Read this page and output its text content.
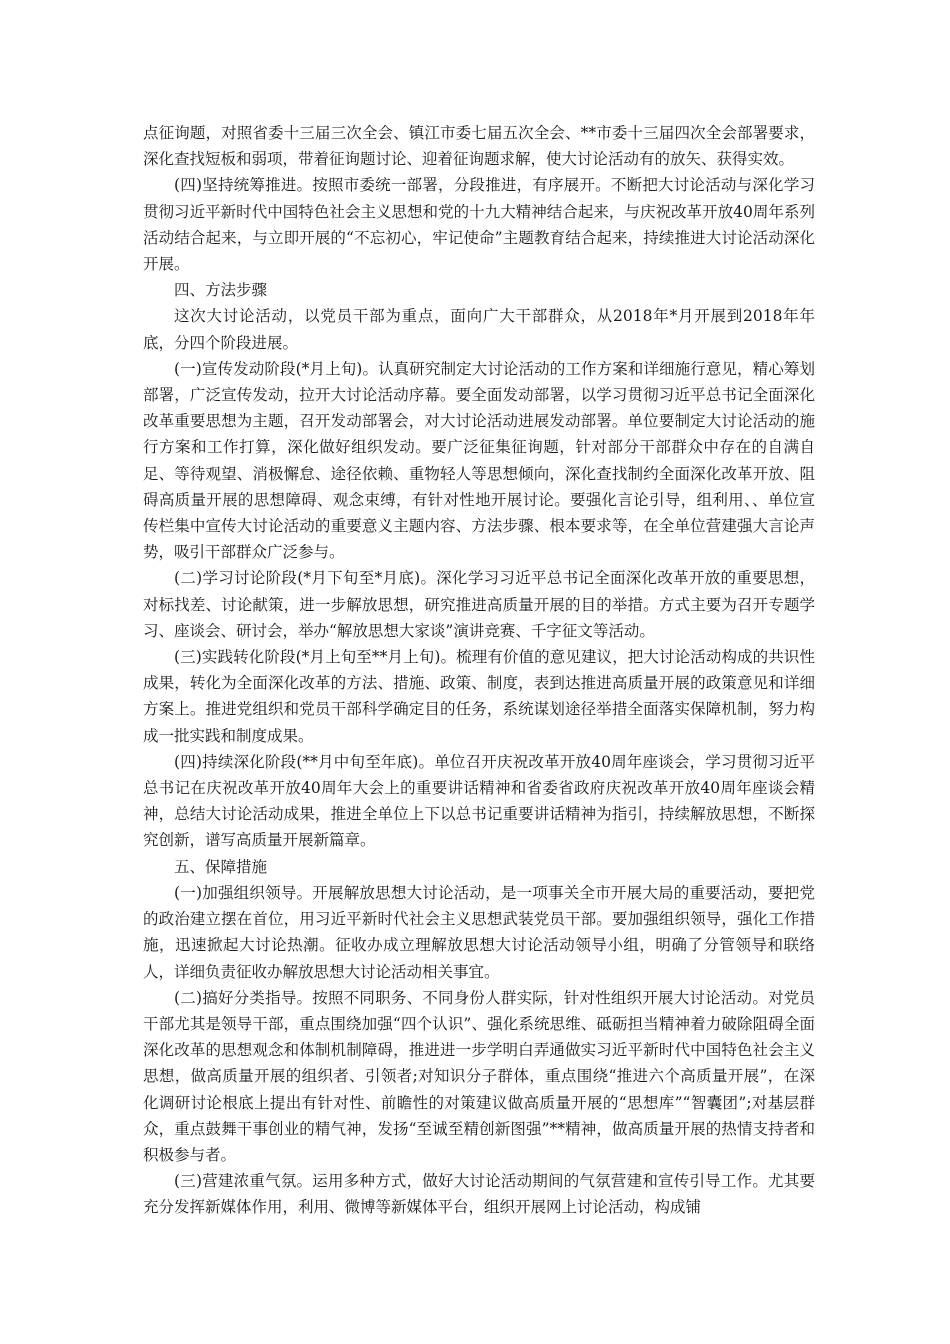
点征询题，对照省委十三届三次全会、镇江市委七届五次全会、**市委十三届四次全会部署要求，深化查找短板和弱项，带着征询题讨论、迎着征询题求解，使大讨论活动有的放矢、获得实效。

(四)坚持统筹推进。按照市委统一部署，分段推进，有序展开。不断把大讨论活动与深化学习贯彻习近平新时代中国特色社会主义思想和党的十九大精神结合起来，与庆祝改革开放40周年系列活动结合起来，与立即开展的“不忘初心，牢记使命”主题教育结合起来，持续推进大讨论活动深化开展。

四、方法步骤

这次大讨论活动，以党员干部为重点，面向广大干部群众，从2018年*月开展到2018年年底，分四个阶段进展。

(一)宣传发动阶段(*月上旬)。认真研究制定大讨论活动的工作方案和详细施行意见，精心筹划部署，广泛宣传发动，拉开大讨论活动序幕。要全面发动部署，以学习贯彻习近平总书记全面深化改革重要思想为主题，召开发动部署会，对大讨论活动进展发动部署。单位要制定大讨论活动的施行方案和工作打算，深化做好组织发动。要广泛征集征询题，针对部分干部群众中存在的自满自足、等待观望、消极懈怠、途径依赖、重物轻人等思想倾向，深化查找制约全面深化改革开放、阻碍高质量开展的思想障碍、观念束缚，有针对性地开展讨论。要强化言论引导，组利用、、单位宣传栏集中宣传大讨论活动的重要意义主题内容、方法步骤、根本要求等，在全单位营建强大言论声势，吸引干部群众广泛参与。

(二)学习讨论阶段(*月下旬至*月底)。深化学习习近平总书记全面深化改革开放的重要思想，对标找差、讨论献策，进一步解放思想，研究推进高质量开展的目的举措。方式主要为召开专题学习、座谈会、研讨会，举办“解放思想大家谈”演讲竞赛、千字征文等活动。

(三)实践转化阶段(*月上旬至**月上旬)。梳理有价值的意见建议，把大讨论活动构成的共识性成果，转化为全面深化改革的方法、措施、政策、制度，表到达推进高质量开展的政策意见和详细方案上。推进党组织和党员干部科学确定目的任务，系统谋划途径举措全面落实保障机制，努力构成一批实践和制度成果。

(四)持续深化阶段(**月中旬至年底)。单位召开庆祝改革开放40周年座谈会，学习贯彻习近平总书记在庆祝改革开放40周年大会上的重要讲话精神和省委省政府庆祝改革开放40周年座谈会精神，总结大讨论活动成果，推进全单位上下以总书记重要讲话精神为指引，持续解放思想，不断探究创新，谱写高质量开展新篇章。

五、保障措施

(一)加强组织领导。开展解放思想大讨论活动，是一项事关全市开展大局的重要活动，要把党的政治建立摆在首位，用习近平新时代社会主义思想武装党员干部。要加强组织领导，强化工作措施，迅速掀起大讨论热潮。征收办成立理解放思想大讨论活动领导小组，明确了分管领导和联络人，详细负责征收办解放思想大讨论活动相关事宜。

(二)搞好分类指导。按照不同职务、不同身份人群实际，针对性组织开展大讨论活动。对党员干部尤其是领导干部，重点围绕加强“四个认识”、强化系统思维、砥砺担当精神着力破除阻碍全面深化改革的思想观念和体制机制障碍，推进进一步学明白弄通做实习近平新时代中国特色社会主义思想，做高质量开展的组织者、引领者;对知识分子群体，重点围绕“推进六个高质量开展”，在深化调研讨论根底上提出有针对性、前瞻性的对策建议做高质量开展的“思想库”“智囊团”;对基层群众，重点鼓舞干事创业的精气神，发扬“至诚至精创新图强”**精神，做高质量开展的热情支持者和积极参与者。

(三)营建浓重气氛。运用多种方式，做好大讨论活动期间的气氛营建和宣传引导工作。尤其要充分发挥新媒体作用，利用、微博等新媒体平台，组织开展网上讨论活动，构成铺
